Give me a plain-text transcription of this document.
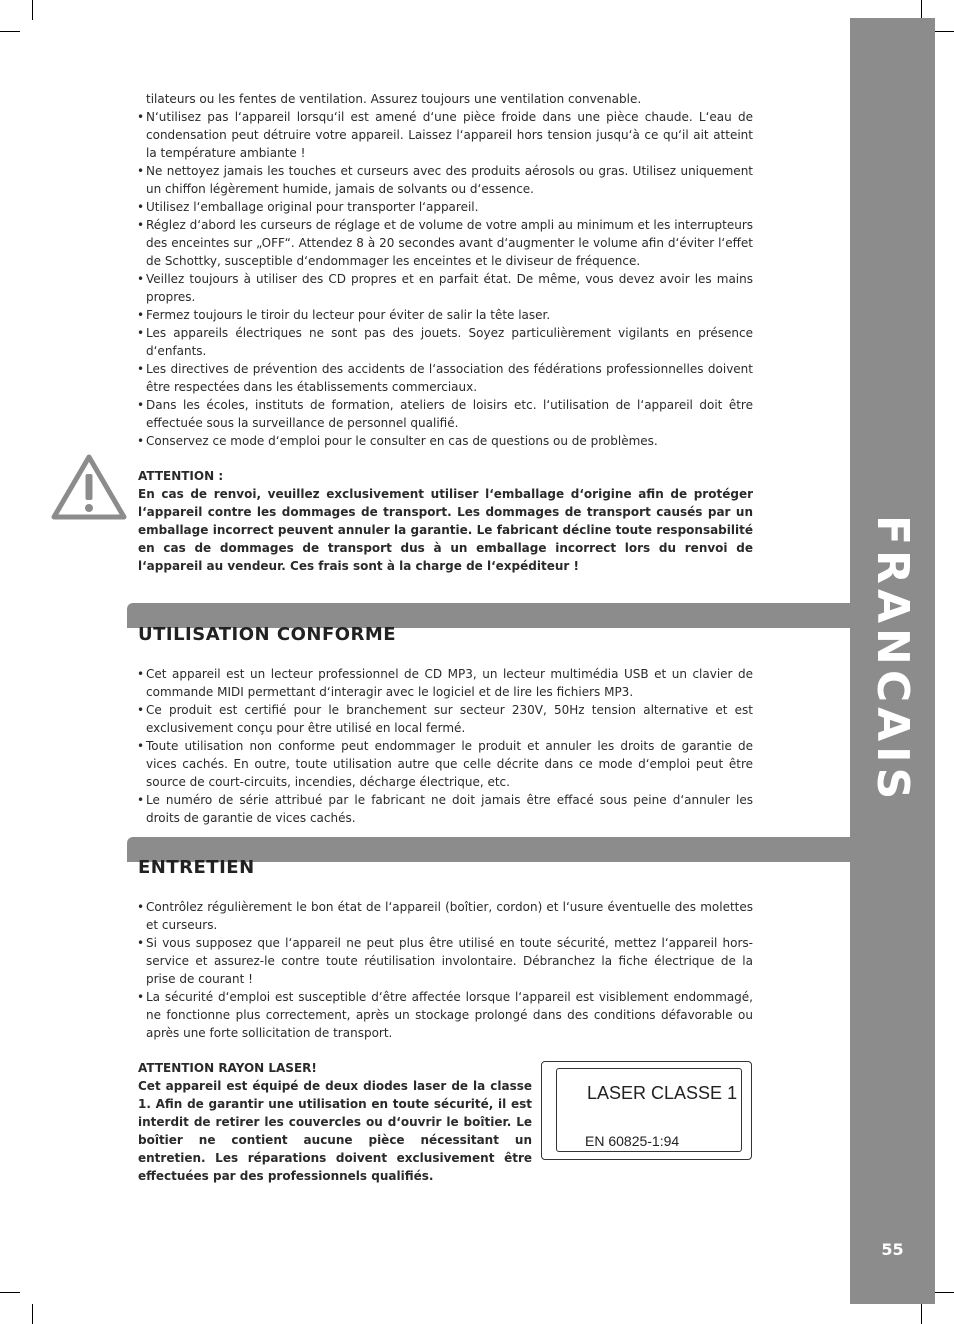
FRANCAIS
55
tilateurs ou les fentes de ventilation. Assurez toujours une ventilation convenable.
• N‘utilisez pas l‘appareil lorsqu‘il est amené d‘une pièce froide dans une pièce chaude. L‘eau de condensation peut détruire votre appareil. Laissez l‘appareil hors tension jusqu‘à ce qu‘il ait atteint la température ambiante !
• Ne nettoyez jamais les touches et curseurs avec des produits aérosols ou gras. Utilisez uniquement un chiffon légèrement humide, jamais de solvants ou d‘essence.
• Utilisez l‘emballage original pour transporter l‘appareil.
• Réglez d‘abord les curseurs de réglage et de volume de votre ampli au minimum et les interrupteurs des enceintes sur „OFF“. Attendez 8 à 20 secondes avant d‘augmenter le volume afin d‘éviter l‘effet de Schottky, susceptible d‘endommager les enceintes et le diviseur de fréquence.
• Veillez toujours à utiliser des CD propres et en parfait état. De même, vous devez avoir les mains propres.
• Fermez toujours le tiroir du lecteur pour éviter de salir la tête laser.
• Les appareils électriques ne sont pas des jouets. Soyez particulièrement vigilants en présence d‘enfants.
• Les directives de prévention des accidents de l‘association des fédérations professionnelles doivent être respectées dans les établissements commerciaux.
• Dans les écoles, instituts de formation, ateliers de loisirs etc. l‘utilisation de l‘appareil doit être effectuée sous la surveillance de personnel qualifié.
• Conservez ce mode d‘emploi pour le consulter en cas de questions ou de problèmes.
ATTENTION :
En cas de renvoi, veuillez exclusivement utiliser l‘emballage d‘origine afin de protéger l‘appareil contre les dommages de transport. Les dommages de transport causés par un emballage incorrect peuvent annuler la garantie. Le fabricant décline toute responsabilité en cas de dommages de transport dus à un emballage incorrect lors du renvoi de l‘appareil au vendeur. Ces frais sont à la charge de l‘expéditeur !
UTILISATION CONFORME
• Cet appareil est un lecteur professionnel de CD MP3, un lecteur multimédia USB et un clavier de commande MIDI permettant d‘interagir avec le logiciel et de lire les fichiers MP3.
• Ce produit est certifié pour le branchement sur secteur 230V, 50Hz tension alternative et est exclusivement conçu pour être utilisé en local fermé.
• Toute utilisation non conforme peut endommager le produit et annuler les droits de garantie de vices cachés. En outre, toute utilisation autre que celle décrite dans ce mode d‘emploi peut être source de court-circuits, incendies, décharge électrique, etc.
• Le numéro de série attribué par le fabricant ne doit jamais être effacé sous peine d‘annuler les droits de garantie de vices cachés.
ENTRETIEN
• Contrôlez régulièrement le bon état de l‘appareil (boîtier, cordon) et l‘usure éventuelle des molettes et curseurs.
• Si vous supposez que l‘appareil ne peut plus être utilisé en toute sécurité, mettez l‘appareil hors-service et assurez-le contre toute réutilisation involontaire. Débranchez la fiche électrique de la prise de courant !
• La sécurité d‘emploi est susceptible d‘être affectée lorsque l‘appareil est visiblement endommagé, ne fonctionne plus correctement, après un stockage prolongé dans des conditions défavorable ou après une forte sollicitation de transport.
ATTENTION RAYON LASER!
Cet appareil est équipé de deux diodes laser de la classe 1. Afin de garantir une utilisation en toute sécurité, il est interdit de retirer les couvercles ou d‘ouvrir le boîtier. Le boîtier ne contient aucune pièce nécessitant un entretien. Les réparations doivent exclusivement être effectuées par des professionnels qualifiés.
LASER CLASSE 1
EN 60825-1:94
